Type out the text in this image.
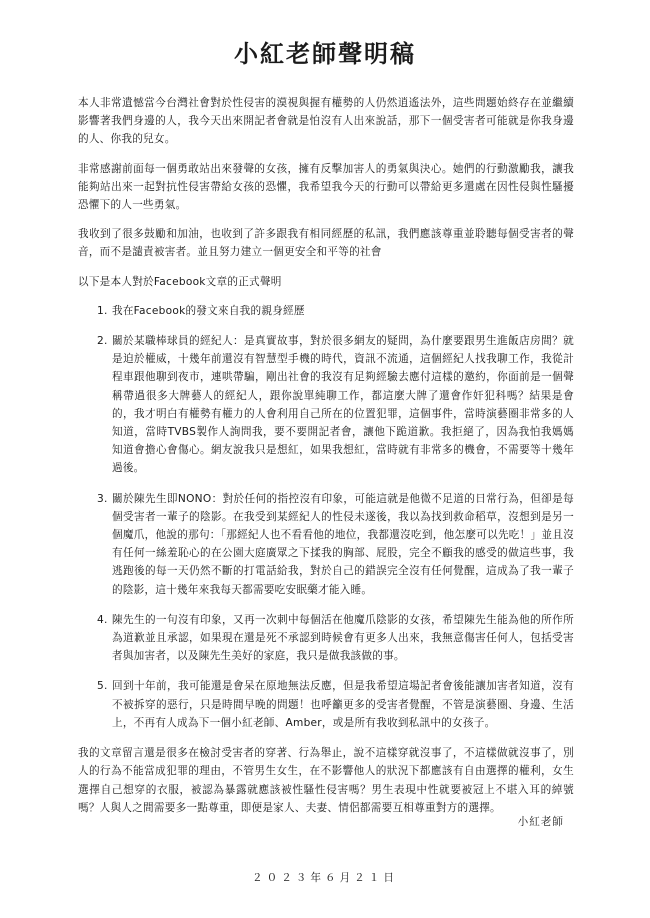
小紅老師聲明稿

本人非常遺憾當今台灣社會對於性侵害的漠視與握有權勢的人仍然逍遙法外，這些問題始終存在並繼續影響著我們身邊的人，我今天出來開記者會就是怕沒有人出來說話，那下一個受害者可能就是你我身邊的人、你我的兒女。

非常感謝前面每一個勇敢站出來發聲的女孩，擁有反擊加害人的勇氣與決心。她們的行動激勵我，讓我能夠站出來一起對抗性侵害帶給女孩的恐懼，我希望我今天的行動可以帶給更多還處在因性侵與性騷擾恐懼下的人一些勇氣。

我收到了很多鼓勵和加油，也收到了許多跟我有相同經歷的私訊，我們應該尊重並聆聽每個受害者的聲音，而不是譴責被害者。並且努力建立一個更安全和平等的社會

以下是本人對於Facebook文章的正式聲明

1. 我在Facebook的發文來自我的親身經歷
2. 關於某職棒球員的經紀人：是真實故事，對於很多網友的疑問，為什麼要跟男生進飯店房間？就是迫於權威，十幾年前還沒有智慧型手機的時代，資訊不流通，這個經紀人找我聊工作，我從計程車跟他聊到夜市，連哄帶騙，剛出社會的我沒有足夠經驗去應付這樣的邀約，你面前是一個聲稱帶過很多大牌藝人的經紀人，跟你說單純聊工作，都這麼大牌了還會作奸犯科嗎？結果是會的，我才明白有權勢有權力的人會利用自己所在的位置犯罪，這個事件，當時演藝圈非常多的人知道，當時TVBS製作人詢問我，要不要開記者會，讓他下跪道歉。我拒絕了，因為我怕我媽媽知道會擔心會傷心。網友說我只是想紅，如果我想紅，當時就有非常多的機會，不需要等十幾年過後。
3. 關於陳先生即NONO：對於任何的指控沒有印象，可能這就是他微不足道的日常行為，但卻是每個受害者一輩子的陰影。在我受到某經紀人的性侵未遂後，我以為找到救命稻草，沒想到是另一個魔爪，他說的那句：「那經紀人也不看看他的地位，我都還沒吃到，他怎麼可以先吃！」並且沒有任何一絲羞恥心的在公園大庭廣眾之下揉我的胸部、屁股，完全不顧我的感受的做這些事，我逃跑後的每一天仍然不斷的打電話給我，對於自己的錯誤完全沒有任何覺醒，這成為了我一輩子的陰影，這十幾年來我每天都需要吃安眠藥才能入睡。
4. 陳先生的一句沒有印象，又再一次刺中每個活在他魔爪陰影的女孩，希望陳先生能為他的所作所為道歉並且承認，如果現在還是死不承認到時候會有更多人出來，我無意傷害任何人，包括受害者與加害者，以及陳先生美好的家庭，我只是做我該做的事。
5. 回到十年前，我可能還是會呆在原地無法反應，但是我希望這場記者會後能讓加害者知道，沒有不被拆穿的惡行，只是時間早晚的問題！也呼籲更多的受害者覺醒，不管是演藝圈、身邊、生活上，不再有人成為下一個小紅老師、Amber，或是所有我收到私訊中的女孩子。

我的文章留言還是很多在檢討受害者的穿著、行為舉止，說不這樣穿就沒事了，不這樣做就沒事了，別人的行為不能當成犯罪的理由，不管男生女生，在不影響他人的狀況下都應該有自由選擇的權利，女生選擇自己想穿的衣服，被認為暴露就應該被性騷性侵害嗎？男生表現中性就要被冠上不堪入耳的綽號嗎？人與人之間需要多一點尊重，即便是家人、夫妻、情侶都需要互相尊重對方的選擇。

小紅老師
２０２３年６月２１日
